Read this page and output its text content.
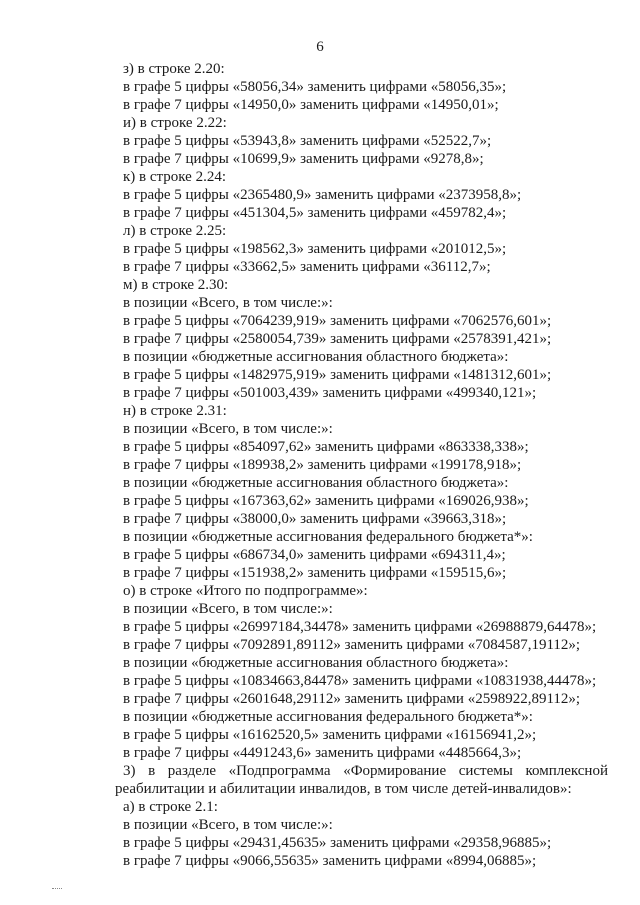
6
з) в строке 2.20:
в графе 5 цифры «58056,34» заменить цифрами «58056,35»;
в графе 7 цифры «14950,0» заменить цифрами «14950,01»;
и) в строке 2.22:
в графе 5 цифры «53943,8» заменить цифрами «52522,7»;
в графе 7 цифры «10699,9» заменить цифрами «9278,8»;
к) в строке 2.24:
в графе 5 цифры «2365480,9» заменить цифрами «2373958,8»;
в графе 7 цифры «451304,5» заменить цифрами «459782,4»;
л) в строке 2.25:
в графе 5 цифры «198562,3» заменить цифрами «201012,5»;
в графе 7 цифры «33662,5» заменить цифрами «36112,7»;
м) в строке 2.30:
в позиции «Всего, в том числе:»:
в графе 5 цифры «7064239,919» заменить цифрами «7062576,601»;
в графе 7 цифры «2580054,739» заменить цифрами «2578391,421»;
в позиции «бюджетные ассигнования областного бюджета»:
в графе 5 цифры «1482975,919» заменить цифрами «1481312,601»;
в графе 7 цифры «501003,439» заменить цифрами «499340,121»;
н) в строке 2.31:
в позиции «Всего, в том числе:»:
в графе 5 цифры «854097,62» заменить цифрами «863338,338»;
в графе 7 цифры «189938,2» заменить цифрами «199178,918»;
в позиции «бюджетные ассигнования областного бюджета»:
в графе 5 цифры «167363,62» заменить цифрами «169026,938»;
в графе 7 цифры «38000,0» заменить цифрами «39663,318»;
в позиции «бюджетные ассигнования федерального бюджета*»:
в графе 5 цифры «686734,0» заменить цифрами «694311,4»;
в графе 7 цифры «151938,2» заменить цифрами «159515,6»;
о) в строке «Итого по подпрограмме»:
в позиции «Всего, в том числе:»:
в графе 5 цифры «26997184,34478» заменить цифрами «26988879,64478»;
в графе 7 цифры «7092891,89112» заменить цифрами «7084587,19112»;
в позиции «бюджетные ассигнования областного бюджета»:
в графе 5 цифры «10834663,84478» заменить цифрами «10831938,44478»;
в графе 7 цифры «2601648,29112» заменить цифрами «2598922,89112»;
в позиции «бюджетные ассигнования федерального бюджета*»:
в графе 5 цифры «16162520,5» заменить цифрами «16156941,2»;
в графе 7 цифры «4491243,6» заменить цифрами «4485664,3»;
3) в разделе «Подпрограмма «Формирование системы комплексной
реабилитации и абилитации инвалидов, в том числе детей-инвалидов»:
а) в строке 2.1:
в позиции «Всего, в том числе:»:
в графе 5 цифры «29431,45635» заменить цифрами «29358,96885»;
в графе 7 цифры «9066,55635» заменить цифрами «8994,06885»;
